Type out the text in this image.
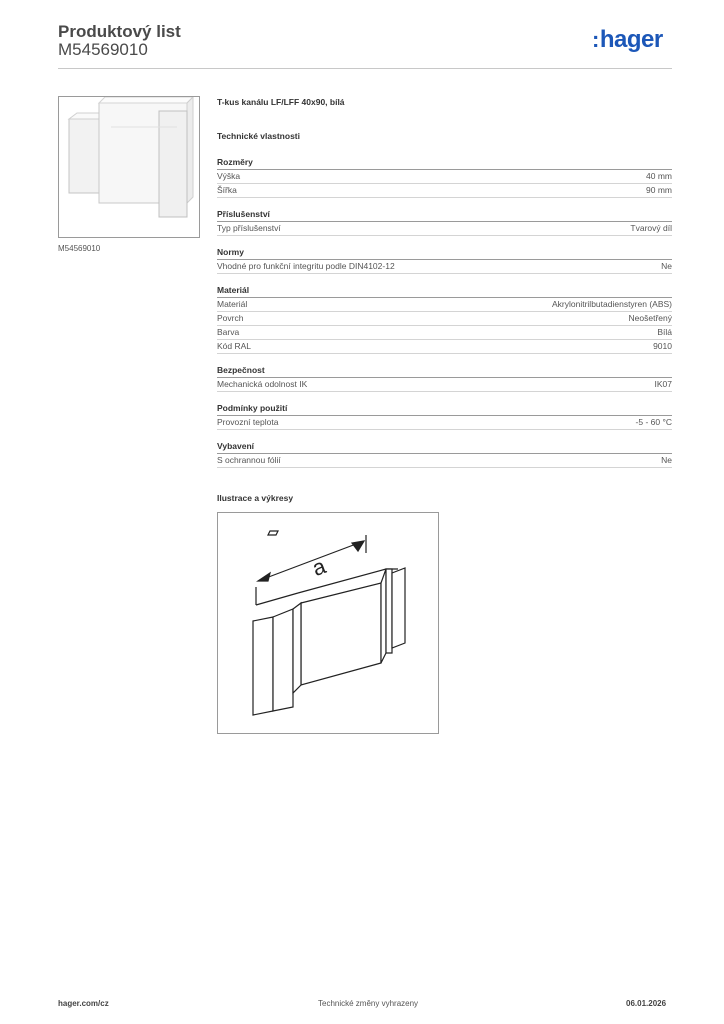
Produktový list
M54569010	:hager
M54569010
T-kus kanálu LF/LFF 40x90, bílá
Technické vlastnosti
Rozměry
Výška	40 mm
Šířka	90 mm
Příslušenství
Typ příslušenství	Tvarový díl
Normy
Vhodné pro funkční integritu podle DIN4102-12	Ne
Materiál
Materiál	Akrylonitrilbutadienstyren (ABS)
Povrch	Neošetřený
Barva	Bílá
Kód RAL	9010
Bezpečnost
Mechanická odolnost IK	IK07
Podmínky použití
Provozní teplota	-5 - 60 °C
Vybavení
S ochrannou fólií	Ne
Ilustrace a výkresy
a
hager.com/cz	Technické změny vyhrazeny	06.01.2026
